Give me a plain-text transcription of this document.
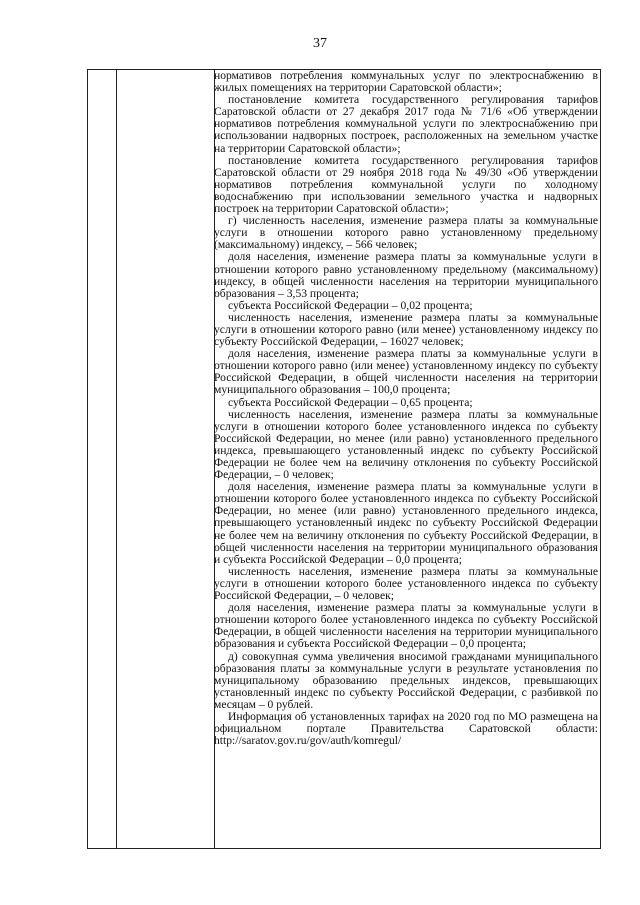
37

нормативов потребления коммунальных услуг по электроснабжению в жилых помещениях на территории Саратовской области»;

постановление комитета государственного регулирования тарифов Саратовской области от 27 декабря 2017 года № 71/6 «Об утверждении нормативов потребления коммунальной услуги по электроснабжению при использовании надворных построек, расположенных на земельном участке на территории Саратовской области»;

постановление комитета государственного регулирования тарифов Саратовской области от 29 ноября 2018 года № 49/30 «Об утверждении нормативов потребления коммунальной услуги по холодному водоснабжению при использовании земельного участка и надворных построек на территории Саратовской области»;

г) численность населения, изменение размера платы за коммунальные услуги в отношении которого равно установленному предельному (максимальному) индексу, – 566 человек;

доля населения, изменение размера платы за коммунальные услуги в отношении которого равно установленному предельному (максимальному) индексу, в общей численности населения на территории муниципального образования – 3,53 процента;

субъекта Российской Федерации – 0,02 процента;

численность населения, изменение размера платы за коммунальные услуги в отношении которого равно (или менее) установленному индексу по субъекту Российской Федерации, – 16027 человек;

доля населения, изменение размера платы за коммунальные услуги в отношении которого равно (или менее) установленному индексу по субъекту Российской Федерации, в общей численности населения на территории муниципального образования – 100,0 процента;

субъекта Российской Федерации – 0,65 процента;

численность населения, изменение размера платы за коммунальные услуги в отношении которого более установленного индекса по субъекту Российской Федерации, но менее (или равно) установленного предельного индекса, превышающего установленный индекс по субъекту Российской Федерации не более чем на величину отклонения по субъекту Российской Федерации, – 0 человек;

доля населения, изменение размера платы за коммунальные услуги в отношении которого более установленного индекса по субъекту Российской Федерации, но менее (или равно) установленного предельного индекса, превышающего установленный индекс по субъекту Российской Федерации не более чем на величину отклонения по субъекту Российской Федерации, в общей численности населения на территории муниципального образования и субъекта Российской Федерации – 0,0 процента;

численность населения, изменение размера платы за коммунальные услуги в отношении которого более установленного индекса по субъекту Российской Федерации, – 0 человек;

доля населения, изменение размера платы за коммунальные услуги в отношении которого более установленного индекса по субъекту Российской Федерации, в общей численности населения на территории муниципального образования и субъекта Российской Федерации – 0,0 процента;

д) совокупная сумма увеличения вносимой гражданами муниципального образования платы за коммунальные услуги в результате установления по муниципальному образованию предельных индексов, превышающих установленный индекс по субъекту Российской Федерации, с разбивкой по месяцам – 0 рублей.

Информация об установленных тарифах на 2020 год по МО размещена на официальном портале Правительства Саратовской области: http://saratov.gov.ru/gov/auth/komregul/
